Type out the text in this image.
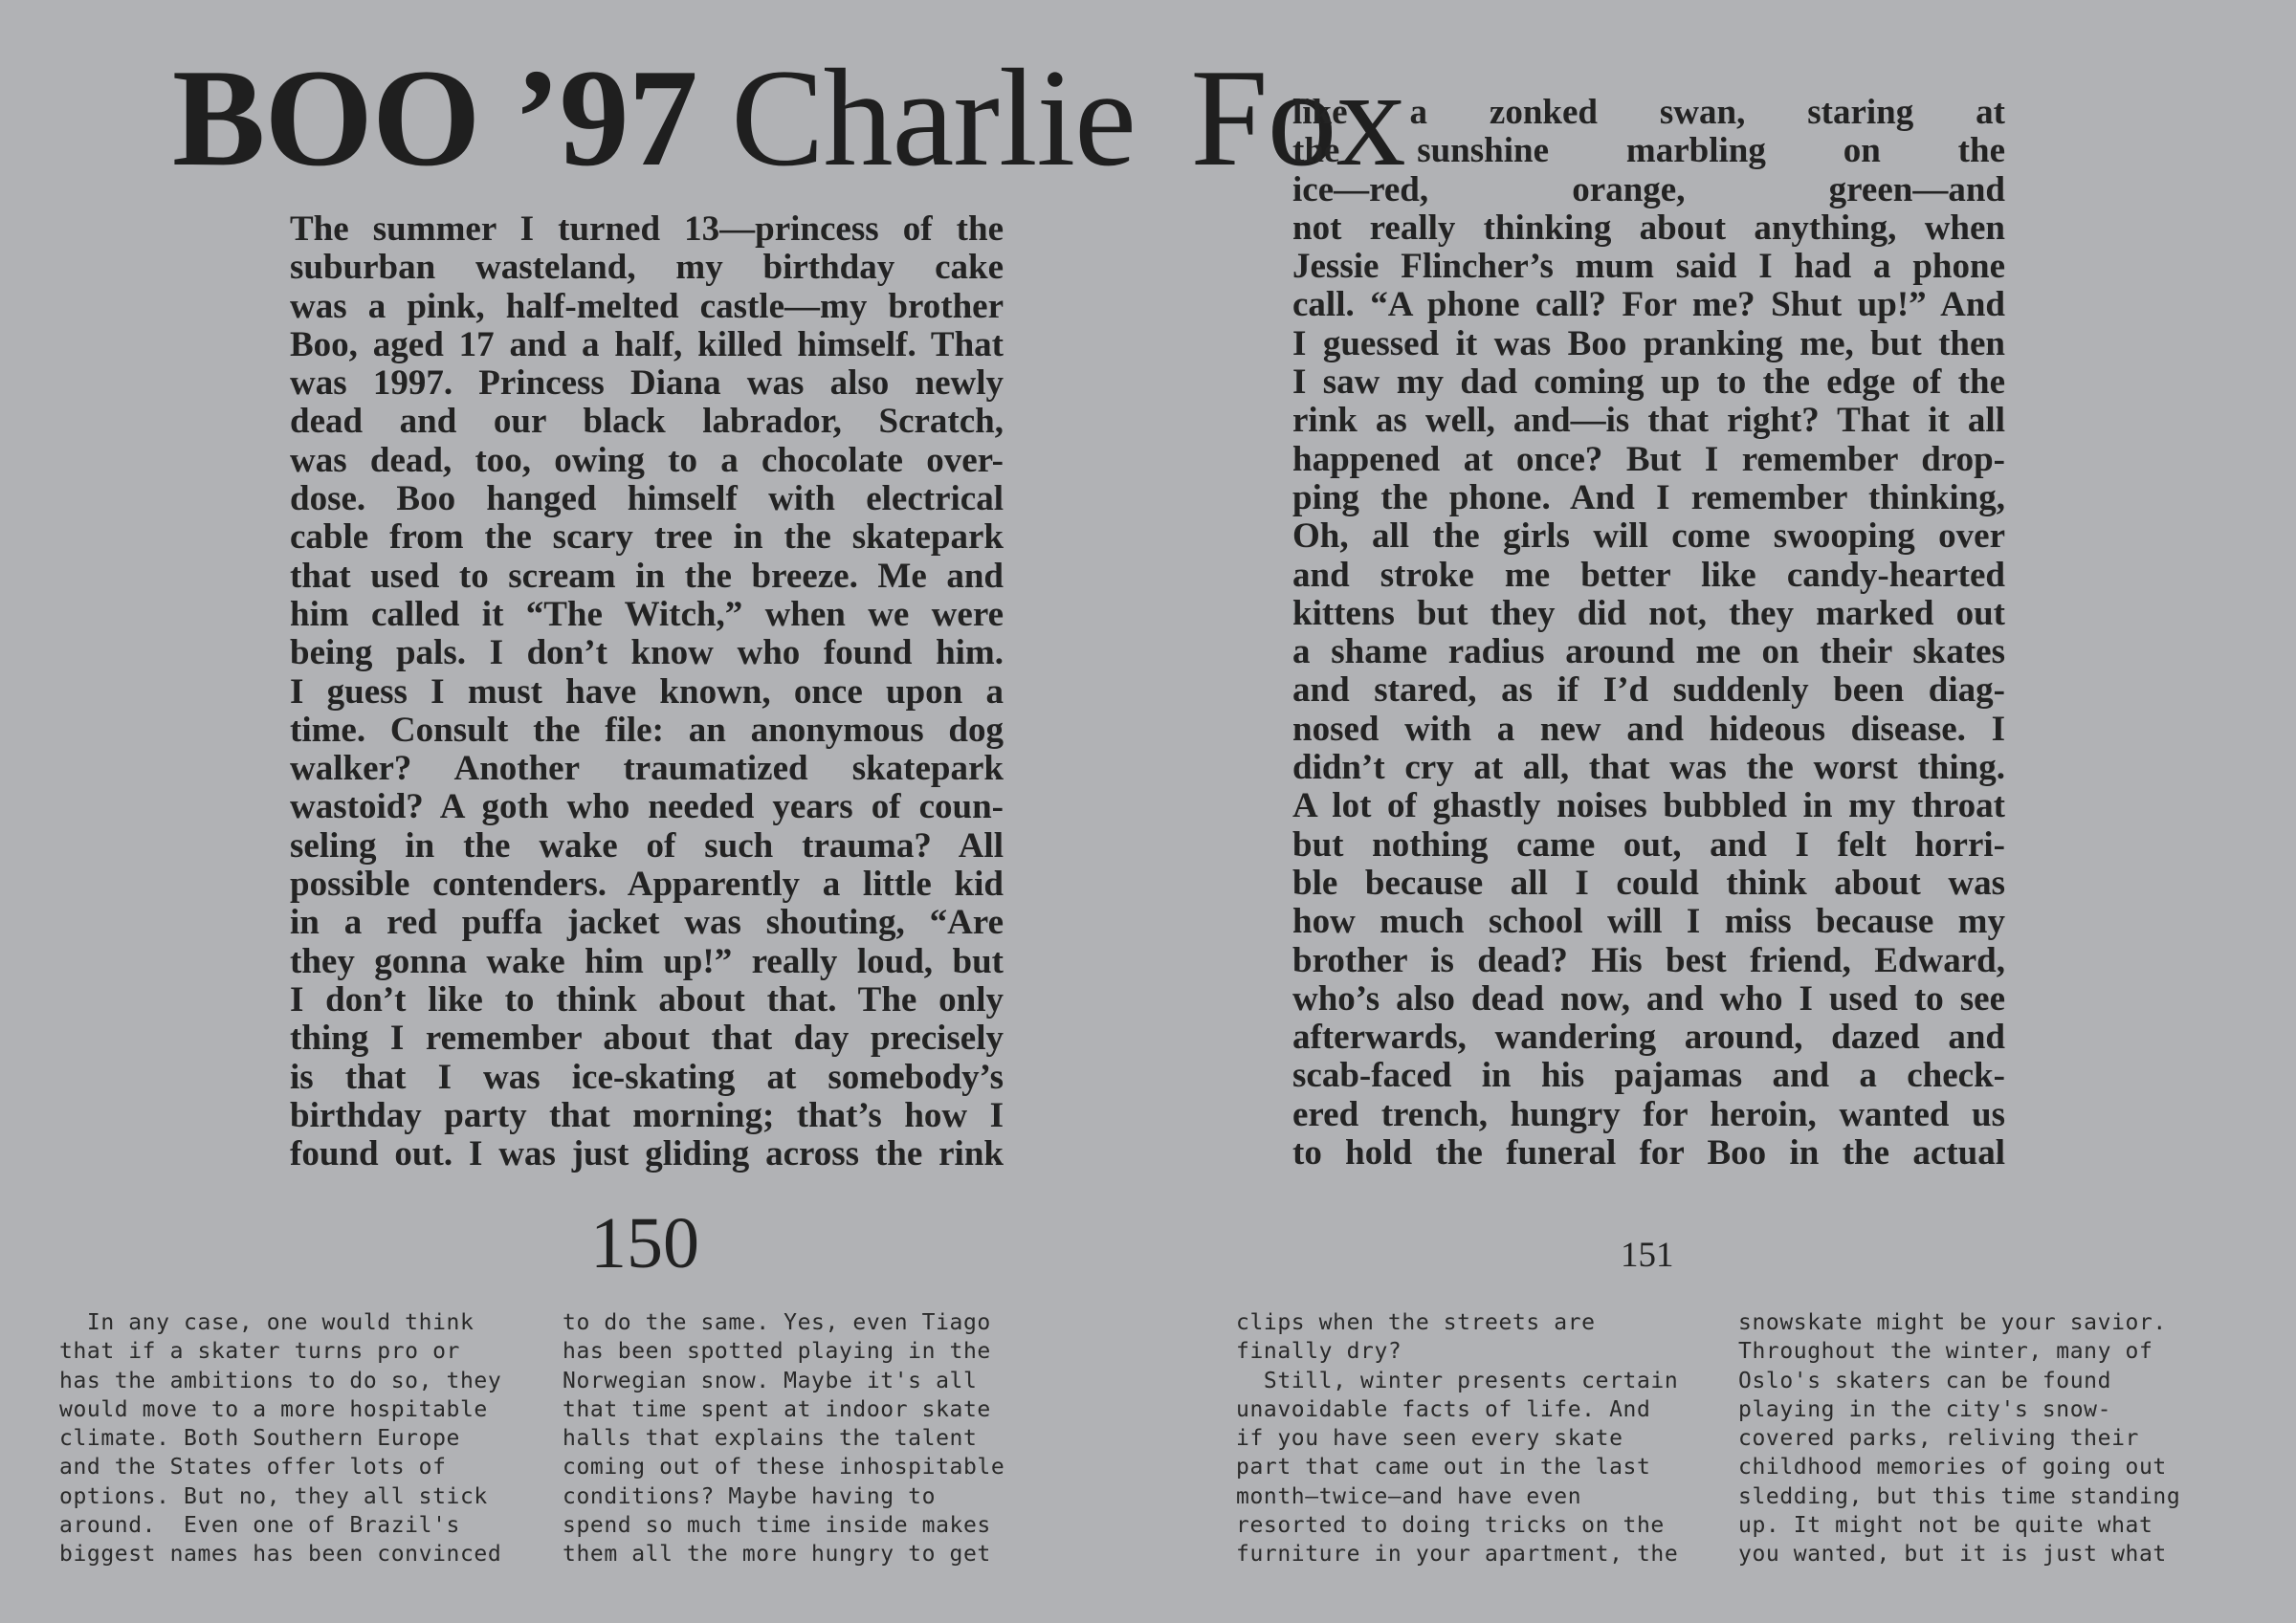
BOO ’97 Charlie Fox
The summer I turned 13—princess of the
suburban wasteland, my birthday cake
was a pink, half-melted castle—my brother
Boo, aged 17 and a half, killed himself. That
was 1997. Princess Diana was also newly
dead and our black labrador, Scratch,
was dead, too, owing to a chocolate over-
dose. Boo hanged himself with electrical
cable from the scary tree in the skatepark
that used to scream in the breeze. Me and
him called it “The Witch,” when we were
being pals. I don’t know who found him.
I guess I must have known, once upon a
time. Consult the file: an anonymous dog
walker? Another traumatized skatepark
wastoid? A goth who needed years of coun-
seling in the wake of such trauma? All
possible contenders. Apparently a little kid
in a red puffa jacket was shouting, “Are
they gonna wake him up!” really loud, but
I don’t like to think about that. The only
thing I remember about that day precisely
is that I was ice-skating at somebody’s
birthday party that morning; that’s how I
found out. I was just gliding across the rink
like a zonked swan, staring at
the sunshine marbling on the
ice—red, orange, green—and
not really thinking about anything, when
Jessie Flincher’s mum said I had a phone
call. “A phone call? For me? Shut up!” And
I guessed it was Boo pranking me, but then
I saw my dad coming up to the edge of the
rink as well, and—is that right? That it all
happened at once? But I remember drop-
ping the phone. And I remember thinking,
Oh, all the girls will come swooping over
and stroke me better like candy-hearted
kittens but they did not, they marked out
a shame radius around me on their skates
and stared, as if I’d suddenly been diag-
nosed with a new and hideous disease. I
didn’t cry at all, that was the worst thing.
A lot of ghastly noises bubbled in my throat
but nothing came out, and I felt horri-
ble because all I could think about was
how much school will I miss because my
brother is dead? His best friend, Edward,
who’s also dead now, and who I used to see
afterwards, wandering around, dazed and
scab-faced in his pajamas and a check-
ered trench, hungry for heroin, wanted us
to hold the funeral for Boo in the actual
150	151
In any case, one would think
that if a skater turns pro or
has the ambitions to do so, they
would move to a more hospitable
climate. Both Southern Europe
and the States offer lots of
options. But no, they all stick
around.  Even one of Brazil's
biggest names has been convinced
to do the same. Yes, even Tiago
has been spotted playing in the
Norwegian snow. Maybe it's all
that time spent at indoor skate
halls that explains the talent
coming out of these inhospitable
conditions? Maybe having to
spend so much time inside makes
them all the more hungry to get
clips when the streets are
finally dry?
Still, winter presents certain
unavoidable facts of life. And
if you have seen every skate
part that came out in the last
month—twice—and have even
resorted to doing tricks on the
furniture in your apartment, the
snowskate might be your savior.
Throughout the winter, many of
Oslo's skaters can be found
playing in the city's snow-
covered parks, reliving their
childhood memories of going out
sledding, but this time standing
up. It might not be quite what
you wanted, but it is just what
